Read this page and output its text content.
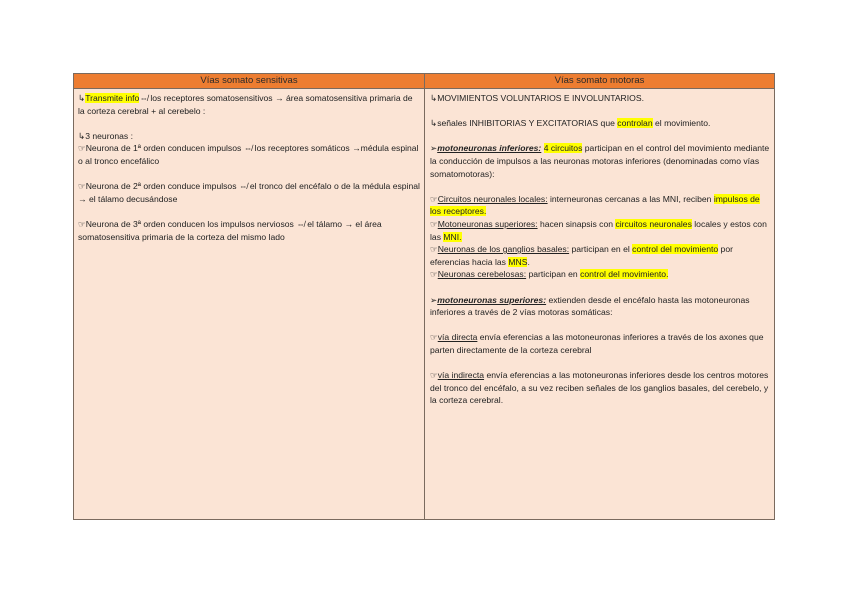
Vías somato sensitivas	Vías somato motoras

↳Transmite info⇎ los receptores somatosensitivos → área somatosensitiva primaria de la corteza cerebral + al cerebelo :

↳3 neuronas :

☞Neurona de 1ª orden conducen impulsos ⇎ los receptores somáticos →médula espinal o al tronco encefálico

☞Neurona de 2ª orden conduce impulsos ⇎ el tronco del encéfalo o de la médula espinal → el tálamo decusándose

☞Neurona de 3ª orden conducen los impulsos nerviosos ⇎ el tálamo → el área somatosensitiva primaria de la corteza del mismo lado

↳MOVIMIENTOS VOLUNTARIOS E INVOLUNTARIOS.

↳señales INHIBITORIAS Y EXCITATORIAS que controlan el movimiento.

➢motoneuronas inferiores: 4 circuitos participan en el control del movimiento mediante la conducción de impulsos a las neuronas motoras inferiores (denominadas como vías somatomotoras):

☞Circuitos neuronales locales: interneuronas cercanas a las MNI, reciben impulsos de los receptores.

☞Motoneuronas superiores: hacen sinapsis con circuitos neuronales locales y estos con las MNI.

☞Neuronas de los ganglios basales: participan en el control del movimiento por eferencias hacia las MNS.

☞Neuronas cerebelosas: participan en control del movimiento.

➢motoneuronas superiores: extienden desde el encéfalo hasta las motoneuronas inferiores a través de 2 vías motoras somáticas:

☞vía directa envía eferencias a las motoneuronas inferiores a través de los axones que parten directamente de la corteza cerebral

☞vía indirecta envía eferencias a las motoneuronas inferiores desde los centros motores del tronco del encéfalo, a su vez reciben señales de los ganglios basales, del cerebelo, y la corteza cerebral.
